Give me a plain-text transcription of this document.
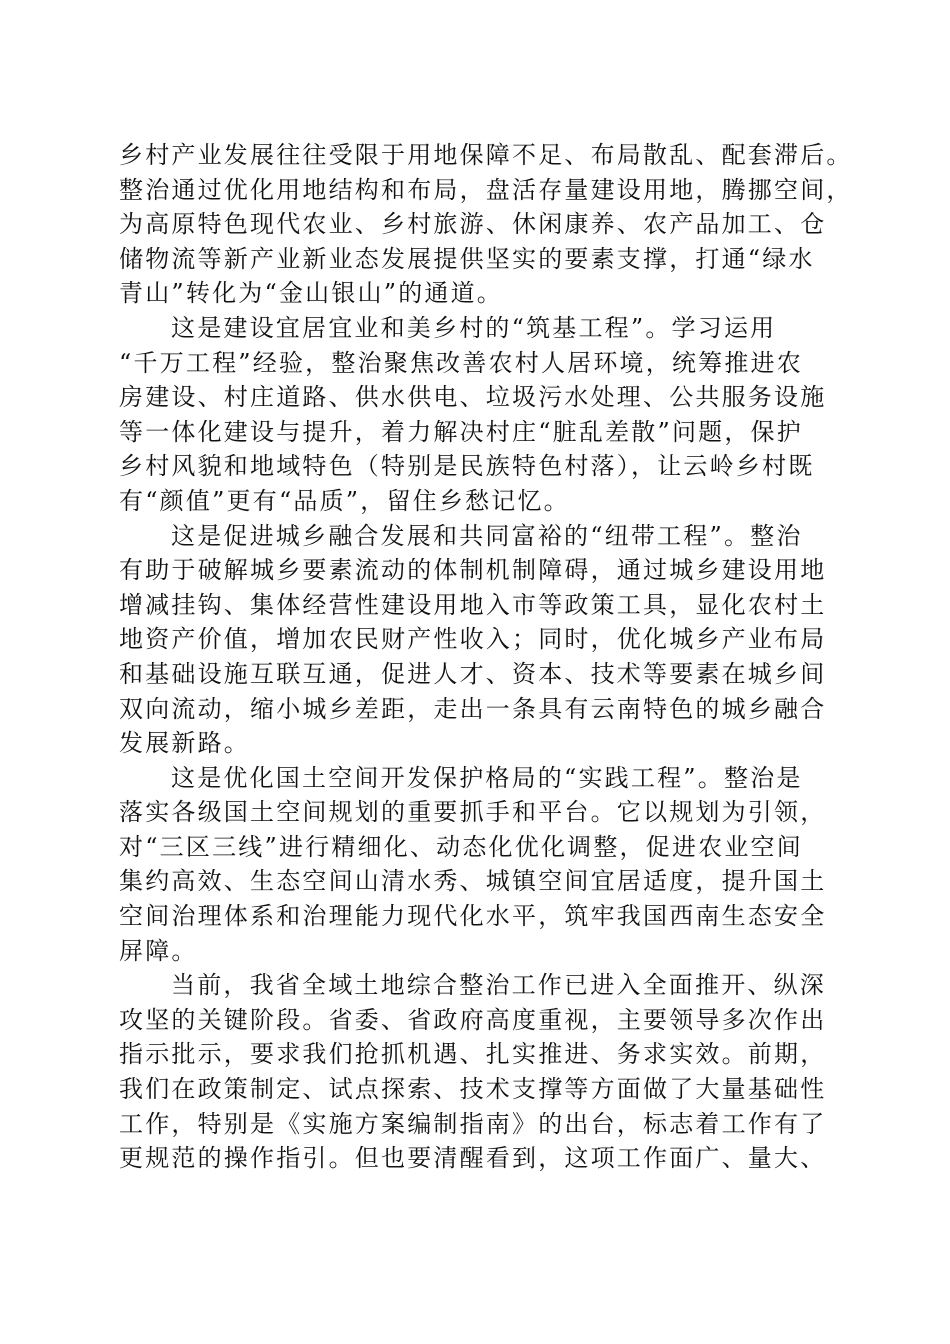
乡村产业发展往往受限于用地保障不足、布局散乱、配套滞后。
整治通过优化用地结构和布局，盘活存量建设用地，腾挪空间，
为高原特色现代农业、乡村旅游、休闲康养、农产品加工、仓
储物流等新产业新业态发展提供坚实的要素支撑，打通“绿水
青山”转化为“金山银山”的通道。
这是建设宜居宜业和美乡村的“筑基工程”。学习运用
“千万工程”经验，整治聚焦改善农村人居环境，统筹推进农
房建设、村庄道路、供水供电、垃圾污水处理、公共服务设施
等一体化建设与提升，着力解决村庄“脏乱差散”问题，保护
乡村风貌和地域特色（特别是民族特色村落），让云岭乡村既
有“颜值”更有“品质”，留住乡愁记忆。
这是促进城乡融合发展和共同富裕的“纽带工程”。整治
有助于破解城乡要素流动的体制机制障碍，通过城乡建设用地
增减挂钩、集体经营性建设用地入市等政策工具，显化农村土
地资产价值，增加农民财产性收入；同时，优化城乡产业布局
和基础设施互联互通，促进人才、资本、技术等要素在城乡间
双向流动，缩小城乡差距，走出一条具有云南特色的城乡融合
发展新路。
这是优化国土空间开发保护格局的“实践工程”。整治是
落实各级国土空间规划的重要抓手和平台。它以规划为引领，
对“三区三线”进行精细化、动态化优化调整，促进农业空间
集约高效、生态空间山清水秀、城镇空间宜居适度，提升国土
空间治理体系和治理能力现代化水平，筑牢我国西南生态安全
屏障。
当前，我省全域土地综合整治工作已进入全面推开、纵深
攻坚的关键阶段。省委、省政府高度重视，主要领导多次作出
指示批示，要求我们抢抓机遇、扎实推进、务求实效。前期，
我们在政策制定、试点探索、技术支撑等方面做了大量基础性
工作，特别是《实施方案编制指南》的出台，标志着工作有了
更规范的操作指引。但也要清醒看到，这项工作面广、量大、
